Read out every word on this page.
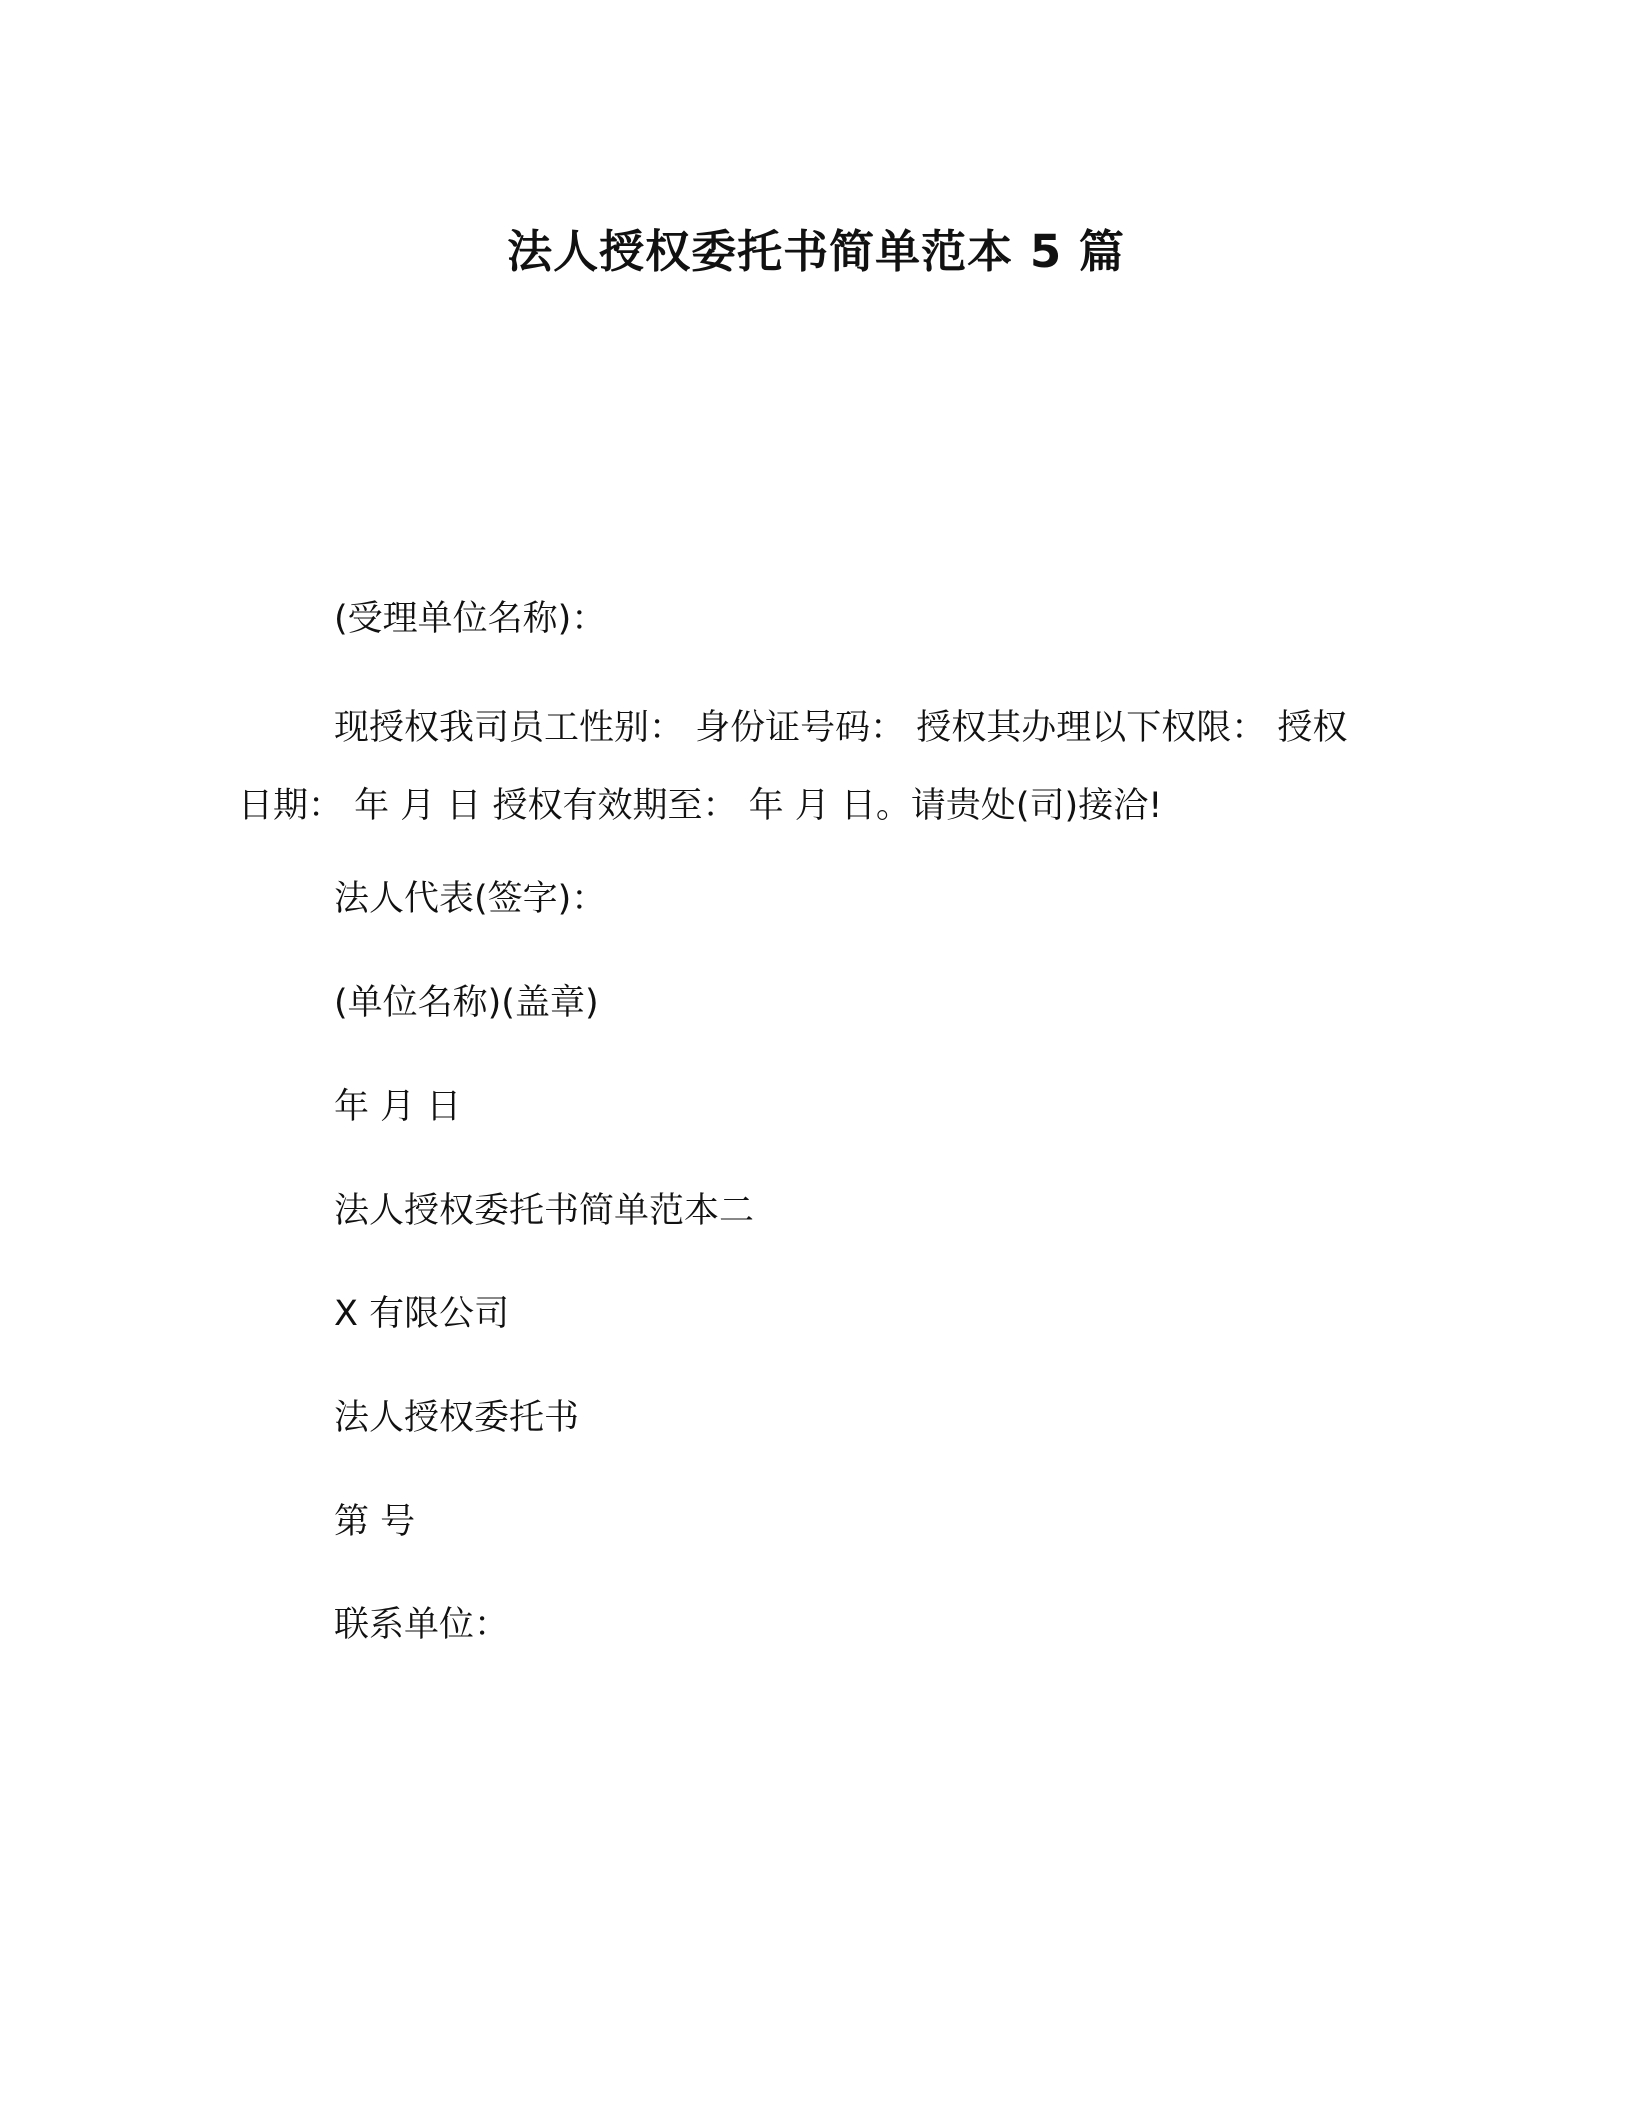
法人授权委托书简单范本 5 篇
(受理单位名称)：

现授权我司员工性别： 身份证号码： 授权其办理以下权限： 授权日期： 年 月 日 授权有效期至： 年 月 日。请贵处(司)接洽!

法人代表(签字)：
(单位名称)(盖章)
年 月 日
法人授权委托书简单范本二
X 有限公司
法人授权委托书
第 号
联系单位：
